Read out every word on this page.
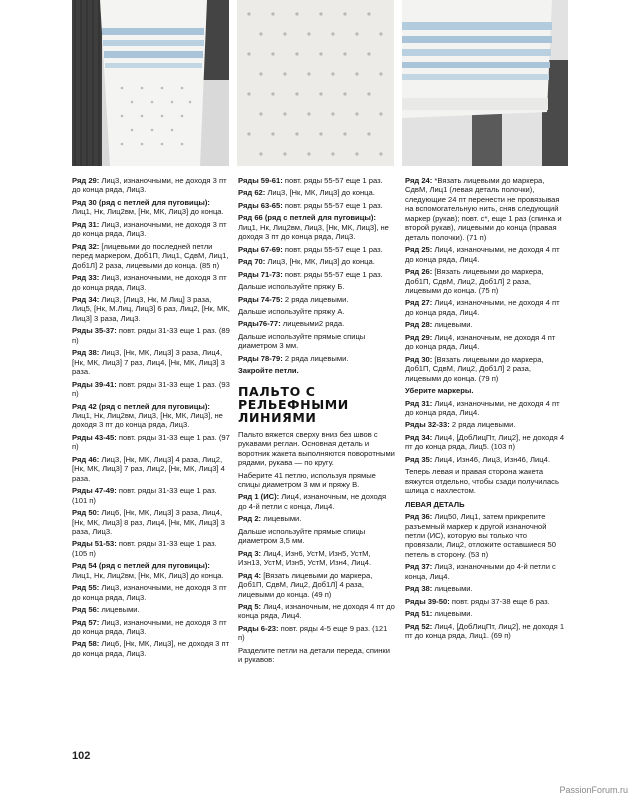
Ряд 29: Лиц3, изнаночными, не доходя 3 пт до конца ряда, Лиц3.
Ряд 30 (ряд с петлей для пуговицы): Лиц1, Нк, Лиц2вм, [Нк, МК, Лиц3] до конца.
Ряд 31: Лиц3, изнаночными, не доходя 3 пт до конца ряда, Лиц3.
Ряд 32: [лицевыми до последней петли перед маркером, Доб1П, Лиц1, СдвМ, Лиц1, Доб1Л] 2 раза, лицевыми до конца. (85 п)
Ряд 33: Лиц3, изнаночными, не доходя 3 пт до конца ряда, Лиц3.
Ряд 34: Лиц3, [Лиц3, Нк, М Лиц] 3 раза, Лиц5, [Нк, М.Лиц, Лиц3] 6 раз, Лиц2, [Нк, МК, Лиц3] 3 раза, Лиц3.
Ряды 35-37: повт. ряды 31-33 еще 1 раз. (89 п)
Ряд 38: Лиц3, [Нк, МК, Лиц3] 3 раза, Лиц4, [Нк, МК, Лиц3] 7 раз, Лиц4, [Нк, МК, Лиц3] 3 раза.
Ряды 39-41: повт. ряды 31-33 еще 1 раз. (93 п)
Ряд 42 (ряд с петлей для пуговицы): Лиц1, Нк, Лиц2вм, Лиц3, [Нк, МК, Лиц3], не доходя 3 пт до конца ряда, Лиц3.
Ряды 43-45: повт. ряды 31-33 еще 1 раз. (97 п)
Ряд 46: Лиц3, [Нк, МК, Лиц3] 4 раза, Лиц2, [Нк, МК, Лиц3] 7 раз, Лиц2, [Нк, МК, Лиц3] 4 раза.
Ряды 47-49: повт. ряды 31-33 еще 1 раз. (101 п)
Ряд 50: Лиц6, [Нк, МК, Лиц3] 3 раза, Лиц4, [Нк, МК, Лиц3] 8 раз, Лиц4, [Нк, МК, Лиц3] 3 раза, Лиц3.
Ряды 51-53: повт. ряды 31-33 еще 1 раз. (105 п)
Ряд 54 (ряд с петлей для пуговицы): Лиц1, Нк, Лиц2вм, [Нк, МК, Лиц3] до конца.
Ряд 55: Лиц3, изнаночными, не доходя 3 пт до конца ряда, Лиц3.
Ряд 56: лицевыми.
Ряд 57: Лиц3, изнаночными, не доходя 3 пт до конца ряда, Лиц3.
Ряд 58: Лиц6, [Нк, МК, Лиц3], не доходя 3 пт до конца ряда, Лиц3.
Ряды 59-61: повт. ряды 55-57 еще 1 раз.
Ряд 62: Лиц3, [Нк, МК, Лиц3] до конца.
Ряды 63-65: повт. ряды 55-57 еще 1 раз.
Ряд 66 (ряд с петлей для пуговицы): Лиц1, Нк, Лиц2вм, Лиц3, [Нк, МК, Лиц3], не доходя 3 пт до конца ряда, Лиц3.
Ряды 67-69: повт. ряды 55-57 еще 1 раз.
Ряд 70: Лиц3, [Нк, МК, Лиц3] до конца.
Ряды 71-73: повт. ряды 55-57 еще 1 раз.
Дальше используйте пряжу Б.
Ряды 74-75: 2 ряда лицевыми.
Дальше используйте пряжу А.
Ряды76-77: лицевыми2 ряда.
Дальше используйте прямые спицы диаметром 3 мм.
Ряды 78-79: 2 ряда лицевыми.
Закройте петли.
ПАЛЬТО С РЕЛЬЕФНЫМИ ЛИНИЯМИ
Пальто вяжется сверху вниз без швов с рукавами реглан. Основная деталь и воротник жакета выполняются поворотными рядами, рукава — по кругу.
Наберите 41 петлю, используя прямые спицы диаметром 3 мм и пряжу В.
Ряд 1 (ИС): Лиц4, изнаночным, не доходя до 4-й петли с конца, Лиц4.
Ряд 2: лицевыми.
Дальше используйте прямые спицы диаметром 3,5 мм.
Ряд 3: Лиц4, Изн6, УстМ, Изн5, УстМ, Изн13, УстМ, Изн5, УстМ, Изн4, Лиц4.
Ряд 4: [Вязать лицевыми до маркера, Доб1П, СдвМ, Лиц2, Доб1Л] 4 раза, лицевыми до конца. (49 п)
Ряд 5: Лиц4, изнаночным, не доходя 4 пт до конца ряда, Лиц4.
Ряды 6-23: повт. ряды 4-5 еще 9 раз. (121 п)
Разделите петли на детали переда, спинки и рукавов:
Ряд 24: *Вязать лицевыми до маркера, СдвМ, Лиц1 (левая деталь полочки), следующие 24 пт перенести не провязывая на вспомогательную нить, сняв следующий маркер (рукав); повт. с*, еще 1 раз (спинка и второй рукав), лицевыми до конца (правая деталь полочки). (71 п)
Ряд 25: Лиц4, изнаночными, не доходя 4 пт до конца ряда, Лиц4.
Ряд 26: [Вязать лицевыми до маркера, Доб1П, СдвМ, Лиц2, Доб1Л] 2 раза, лицевыми до конца. (75 п)
Ряд 27: Лиц4, изнаночными, не доходя 4 пт до конца ряда, Лиц4.
Ряд 28: лицевыми.
Ряд 29: Лиц4, изнаночным, не доходя 4 пт до конца ряда, Лиц4.
Ряд 30: [Вязать лицевыми до маркера, Доб1П, СдвМ, Лиц2, Доб1Л] 2 раза, лицевыми до конца. (79 п)
Уберите маркеры.
Ряд 31: Лиц4, изнаночными, не доходя 4 пт до конца ряда, Лиц4.
Ряды 32-33: 2 ряда лицевыми.
Ряд 34: Лиц4, [ДобЛицПт, Лиц2], не доходя 4 пт до конца ряда, Лиц5. (103 п)
Ряд 35: Лиц4, Изн46, Лиц3, Изн46, Лиц4.
Теперь левая и правая сторона жакета вяжутся отдельно, чтобы сзади получилась шлица с нахлестом.
ЛЕВАЯ ДЕТАЛЬ
Ряд 36: Лиц50, Лиц1, затем прикрепите разъемный маркер к другой изнаночной петли (ИС), которую вы только что провязали, Лиц2, отложите оставшиеся 50 петель в сторону. (53 п)
Ряд 37: Лиц3, изнаночными до 4-й петли с конца, Лиц4.
Ряд 38: лицевыми.
Ряды 39-50: повт. ряды 37-38 еще 6 раз.
Ряд 51: лицевыми.
Ряд 52: Лиц4, [ДобЛицПт, Лиц2], не доходя 1 пт до конца ряда, Лиц1. (69 п)
102
PassionForum.ru
